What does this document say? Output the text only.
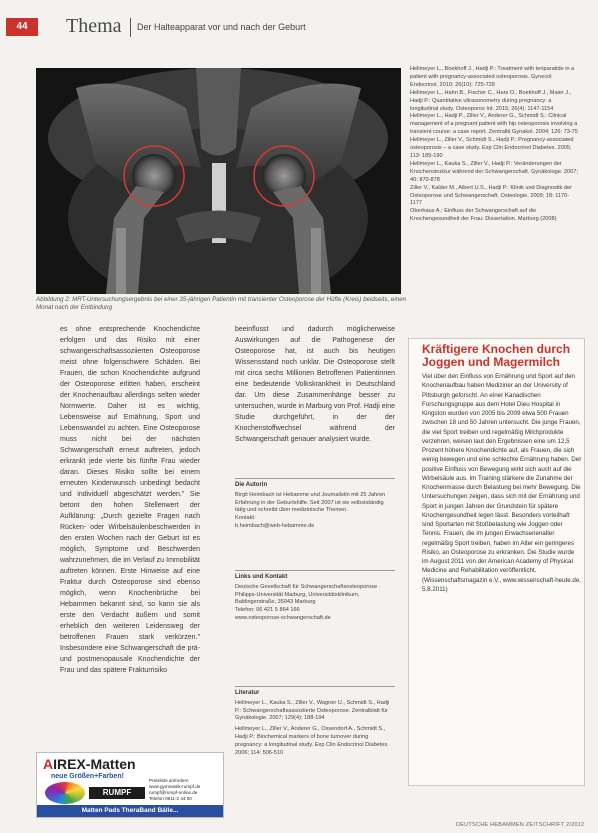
44	Thema Der Halteapparat vor und nach der Geburt
Abbildung 2: MRT-Untersuchungsergebnis bei einer 35-jährigen Patientin mit transienter Osteoporose der Hüfte (Kreis) beidseits, einen Monat nach der Entbindung

es ohne entsprechende Knochendichte erfolgen und das Risiko mit einer schwangerschaftsassoziierten Osteoporose meist ohne folgenschwere Schäden. Bei Frauen, die schon Knochendichte aufgrund der Osteoporose erlitten haben, erscheint der Knochenaufbau allerdings selten wieder Normwerte. Daher ist es wichtig, Lebensweise auf Ernährung, Sport und Lebenswandel zu achten. Eine Osteoporose muss nicht bei der nächsten Schwangerschaft erneut auftreten, jedoch erkrankt jede vierte bis fünfte Frau wieder daran. Dieses Risiko sollte bei einem erneuten Kinderwunsch unbedingt bedacht und individuell abgeschätzt werden." Sie betont den hohen Stellenwert der Aufklärung: „Durch gezielte Fragen nach Rücken- oder Wirbelsäulenbeschwerden in den ersten Wochen nach der Geburt ist es möglich, Symptome und Beschwerden wahrzunehmen, die im Verlauf zu Immobilität auftreten können. Erste Hinweise auf eine Fraktur durch Osteoporose sind ebenso möglich, wenn Knochenbrüche bei Hebammen bekannt sind, so kann sie als erste den Verdacht äußern und somit erheblich den weiteren Leidensweg der betroffenen Frauen stark verkürzen." Insbesondere eine Schwangerschaft die prä- und postmenopausale Knochendichte der Frau und das spätere Frakturrisiko

beeinflusst und dadurch möglicherweise Auswirkungen auf die Pathogenese der Osteoporose hat, ist auch bis heutigen Wissensstand noch unklar. Die Osteoporose stellt mit circa sechs Millionen Betroffenen Patientinnen eine bedeutende Volkskrankheit in Deutschland dar. Um diese Zusammenhänge besser zu untersuchen, wurde in Marburg von Prof. Hadji eine Studie durchgeführt, in der der Knochenstoffwechsel während der Schwangerschaft genauer analysiert wurde.

Die Autorin
Birgit Heimbach ist Hebamme und Journalistin mit 25 Jahren Erfahrung in der Geburtshilfe. Seit 2007 ist sie selbstständig tätig und schreibt über medizinische Themen.
Kontakt:
b.heimbach@web-hebamme.de
Links und Kontakt
Deutsche Gesellschaft für Schwangerschaftsosteoporose · Philipps-Universität Marburg, Universitätsklinikum, Baldingerstraße, 35043 Marburg
Telefon: 06 421 5 864 166
www.osteoporose-schwangerschaft.de
Literatur
Hellmeyer L., Kauka S., Ziller V., Wagner U., Schmidt S., Hadji P.: Schwangerschaftsassoziierte Osteoporose. Zentralblatt für Gynäkologie. 2007; 129(4): 188-194
Hellmeyer L., Ziller V., Anderer G., Ossendorf A., Schmidt S., Hadji P.: Biochemical markers of bone turnover during pregnancy: a longitudinal study. Exp Clin Endocrinol Diabetes. 2006; 114: 506-510
Hellmeyer L., Boekhoff J., Hadji P.: Treatment with teriparatide in a patient with pregnancy-associated osteoporosis. Gynecol Endocrinol. 2010; 26(10): 725-728
Hellmeyer L., Hahn B., Fischer C., Hars O., Boekhoff J., Maier J., Hadji P.: Quantitative ultrasonometry during pregnancy: a longitudinal study. Osteoporos Int. 2015; 26(4): 1147-1154
Hellmeyer L., Hadji P., Ziller V., Anderer G., Schmidt S.: Clinical management of a pregnant patient with hip osteoporosis involving a transient course: a case report. Zentralbl Gynakol. 2004; 126: 73-75
Hellmeyer L., Ziller V., Schmidt S., Hadji P.: Pregnancy-associated osteoporosis – a case study. Exp Clin Endocrinol Diabetes. 2005; 113: 189-190
Hellmeyer L., Kauka S., Ziller V., Hadji P.: Veränderungen der Knochenstruktur während der Schwangerschaft. Gynäkologe. 2007; 40: 870-878
Ziller V., Kalder M., Albert U.S., Hadji P.: Klinik und Diagnostik der Osteoporose und Schwangerschaft. Osteologie. 2009; 18: 1170-1177
Oberhaus A.: Einfluss der Schwangerschaft auf die Knochengesundheit der Frau: Dissertation. Marburg (2008)
Kräftigere Knochen durch Joggen und Magermilch
Viel über den Einfluss von Ernährung und Sport auf den Knochenaufbau haben Mediziner an der University of Pittsburgh geforscht. An einer Kanadischen Forschungsgruppe aus dem Hotel Dieu Hospital in Kingston wurden von 2005 bis 2009 etwa 500 Frauen zwischen 18 und 50 Jahren untersucht. Die junge Frauen, die viel Sport treiben und regelmäßig Milchprodukte verzehren, weisen laut den Ergebnissen eine um 12,5 Prozent höhere Knochendichte auf, als Frauen, die sich wenig bewegen und eine schlechte Ernährung haben. Der positive Einfluss von Bewegung wirkt sich auch auf die Wirbelsäule aus. Im Training stärkere die Zunahme der Knochenmasse durch Belastung bei mehr Bewegung. Die Untersuchungen zeigen, dass sich mit der Ernährung und Sport in jungen Jahren der Grundstein für spätere Knochengesundheit legen lässt. Besonders vorteilhaft sind Sportarten mit Stoßbelastung wie Joggen oder Tennis. Frauen, die im jungen Erwachsenenalter regelmäßig Sport treiben, haben im Alter ein geringeres Risiko, an Osteoporose zu erkranken. Die Studie wurde im August 2011 von der American Academy of Physical Medicine and Rehabilitation veröffentlicht. (Wissenschaftsmagazin e.V., www.wissenschaft-heute.de, 5.8.2011)
AIREX-Matten
neue Größen+Farben!
RUMPF
Preisliste anfordern
www.gymnastik-rumpf.de
rumpf@rumpf-online.de
Telefon 0911-2 44 00
Matten Pads TheraBand Bälle...
DEUTSCHE HEBAMMEN ZEITSCHRIFT 2/2012
